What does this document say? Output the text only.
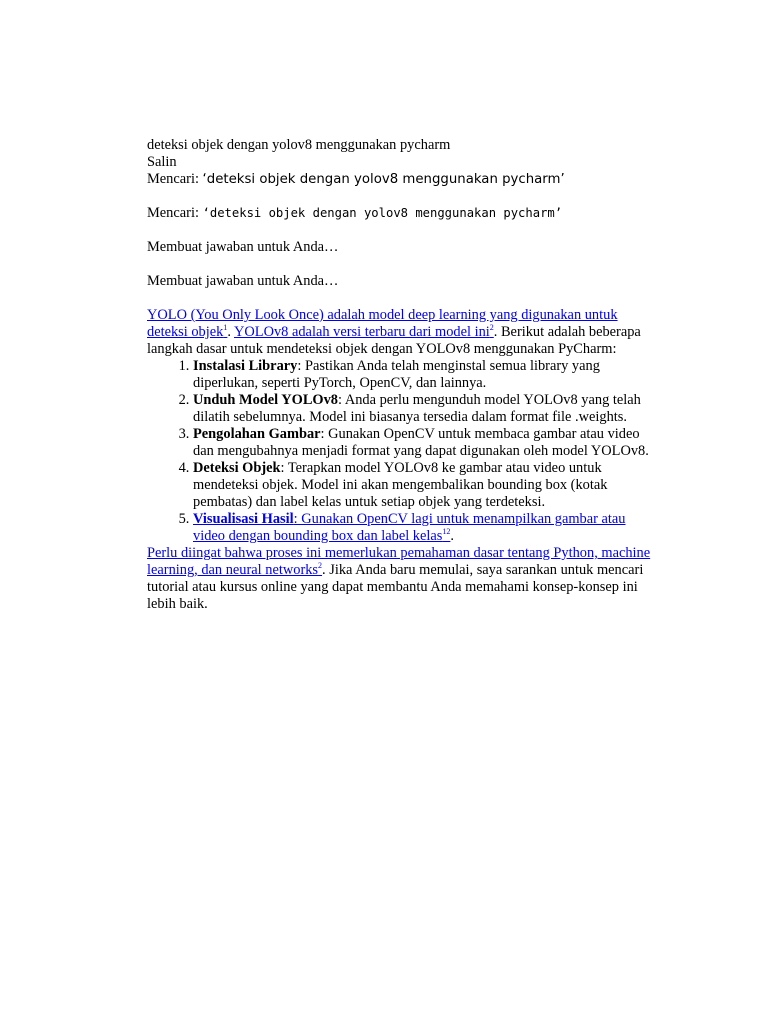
deteksi objek dengan yolov8 menggunakan pycharm

Salin

Mencari: ‘deteksi objek dengan yolov8 menggunakan pycharm’

Mencari: ‘deteksi objek dengan yolov8 menggunakan pycharm’

Membuat jawaban untuk Anda…

Membuat jawaban untuk Anda…

YOLO (You Only Look Once) adalah model deep learning yang digunakan untuk deteksi objek$^1$. YOLOv8 adalah versi terbaru dari model ini$^2$. Berikut adalah beberapa langkah dasar untuk mendeteksi objek dengan YOLOv8 menggunakan PyCharm:

1. Instalasi Library: Pastikan Anda telah menginstal semua library yang diperlukan, seperti PyTorch, OpenCV, dan lainnya.
2. Unduh Model YOLOv8: Anda perlu mengunduh model YOLOv8 yang telah dilatih sebelumnya. Model ini biasanya tersedia dalam format file .weights.
3. Pengolahan Gambar: Gunakan OpenCV untuk membaca gambar atau video dan mengubahnya menjadi format yang dapat digunakan oleh model YOLOv8.
4. Deteksi Objek: Terapkan model YOLOv8 ke gambar atau video untuk mendeteksi objek. Model ini akan mengembalikan bounding box (kotak pembatas) dan label kelas untuk setiap objek yang terdeteksi.
5. Visualisasi Hasil: Gunakan OpenCV lagi untuk menampilkan gambar atau video dengan bounding box dan label kelas$^{12}$.

Perlu diingat bahwa proses ini memerlukan pemahaman dasar tentang Python, machine learning, dan neural networks$^2$. Jika Anda baru memulai, saya sarankan untuk mencari tutorial atau kursus online yang dapat membantu Anda memahami konsep-konsep ini lebih baik.
